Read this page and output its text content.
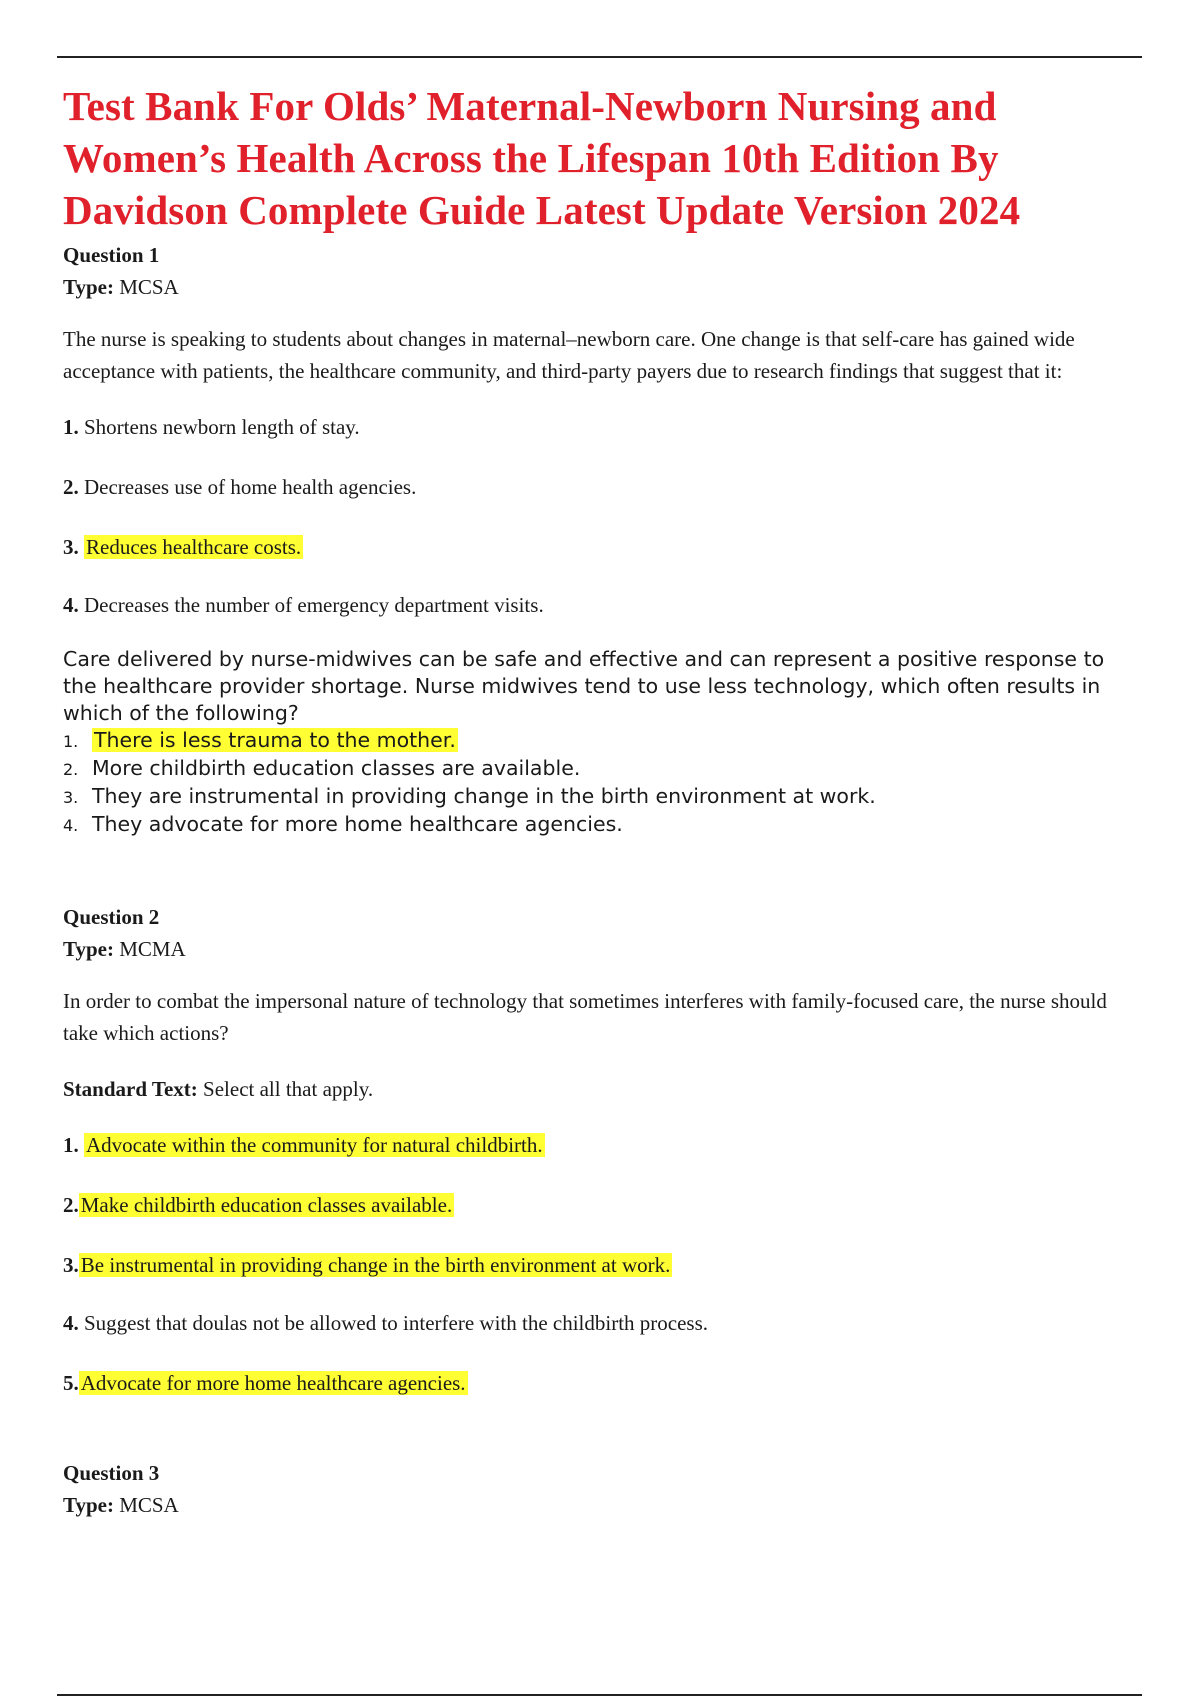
Test Bank For Olds’ Maternal-Newborn Nursing and Women’s Health Across the Lifespan 10th Edition By Davidson Complete Guide Latest Update Version 2024
Question 1
Type: MCSA

The nurse is speaking to students about changes in maternal–newborn care. One change is that self-care has gained wide acceptance with patients, the healthcare community, and third-party payers due to research findings that suggest that it:

1. Shortens newborn length of stay.
2. Decreases use of home health agencies.
3. Reduces healthcare costs.
4. Decreases the number of emergency department visits.

Care delivered by nurse-midwives can be safe and effective and can represent a positive response to the healthcare provider shortage. Nurse midwives tend to use less technology, which often results in which of the following?

1. There is less trauma to the mother.
2. More childbirth education classes are available.
3. They are instrumental in providing change in the birth environment at work.
4. They advocate for more home healthcare agencies.
Question 2
Type: MCMA

In order to combat the impersonal nature of technology that sometimes interferes with family-focused care, the nurse should take which actions?

Standard Text: Select all that apply.

1. Advocate within the community for natural childbirth.
2.Make childbirth education classes available.
3.Be instrumental in providing change in the birth environment at work.
4. Suggest that doulas not be allowed to interfere with the childbirth process.
5.Advocate for more home healthcare agencies.
Question 3
Type: MCSA
